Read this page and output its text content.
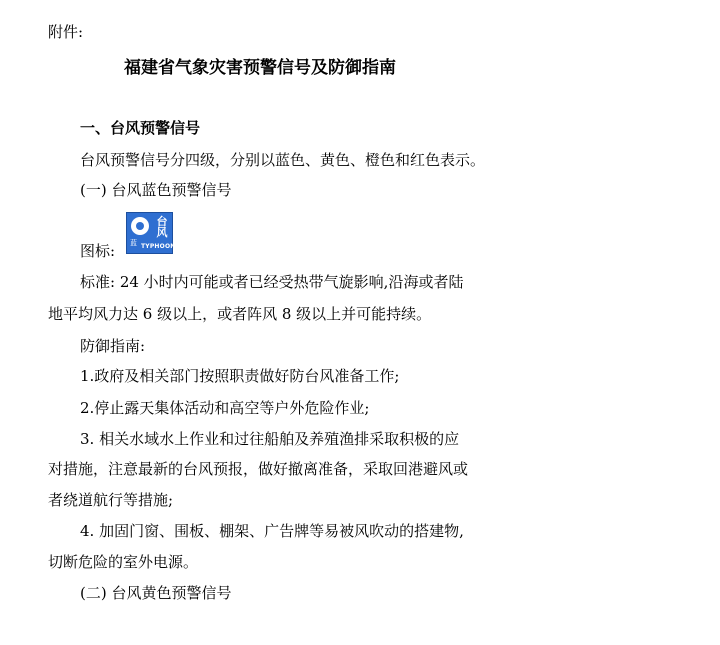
附件:
福建省气象灾害预警信号及防御指南
一、台风预警信号
台风预警信号分四级，分别以蓝色、黄色、橙色和红色表示。
(一) 台风蓝色预警信号
图标:
台
风
蓝 TYPHOON
标准: 24 小时内可能或者已经受热带气旋影响,沿海或者陆
地平均风力达 6 级以上，或者阵风 8 级以上并可能持续。
防御指南:
1.政府及相关部门按照职责做好防台风准备工作;
2.停止露天集体活动和高空等户外危险作业;
3. 相关水域水上作业和过往船舶及养殖渔排采取积极的应
对措施，注意最新的台风预报，做好撤离准备，采取回港避风或
者绕道航行等措施;
4. 加固门窗、围板、棚架、广告牌等易被风吹动的搭建物,
切断危险的室外电源。
(二) 台风黄色预警信号
